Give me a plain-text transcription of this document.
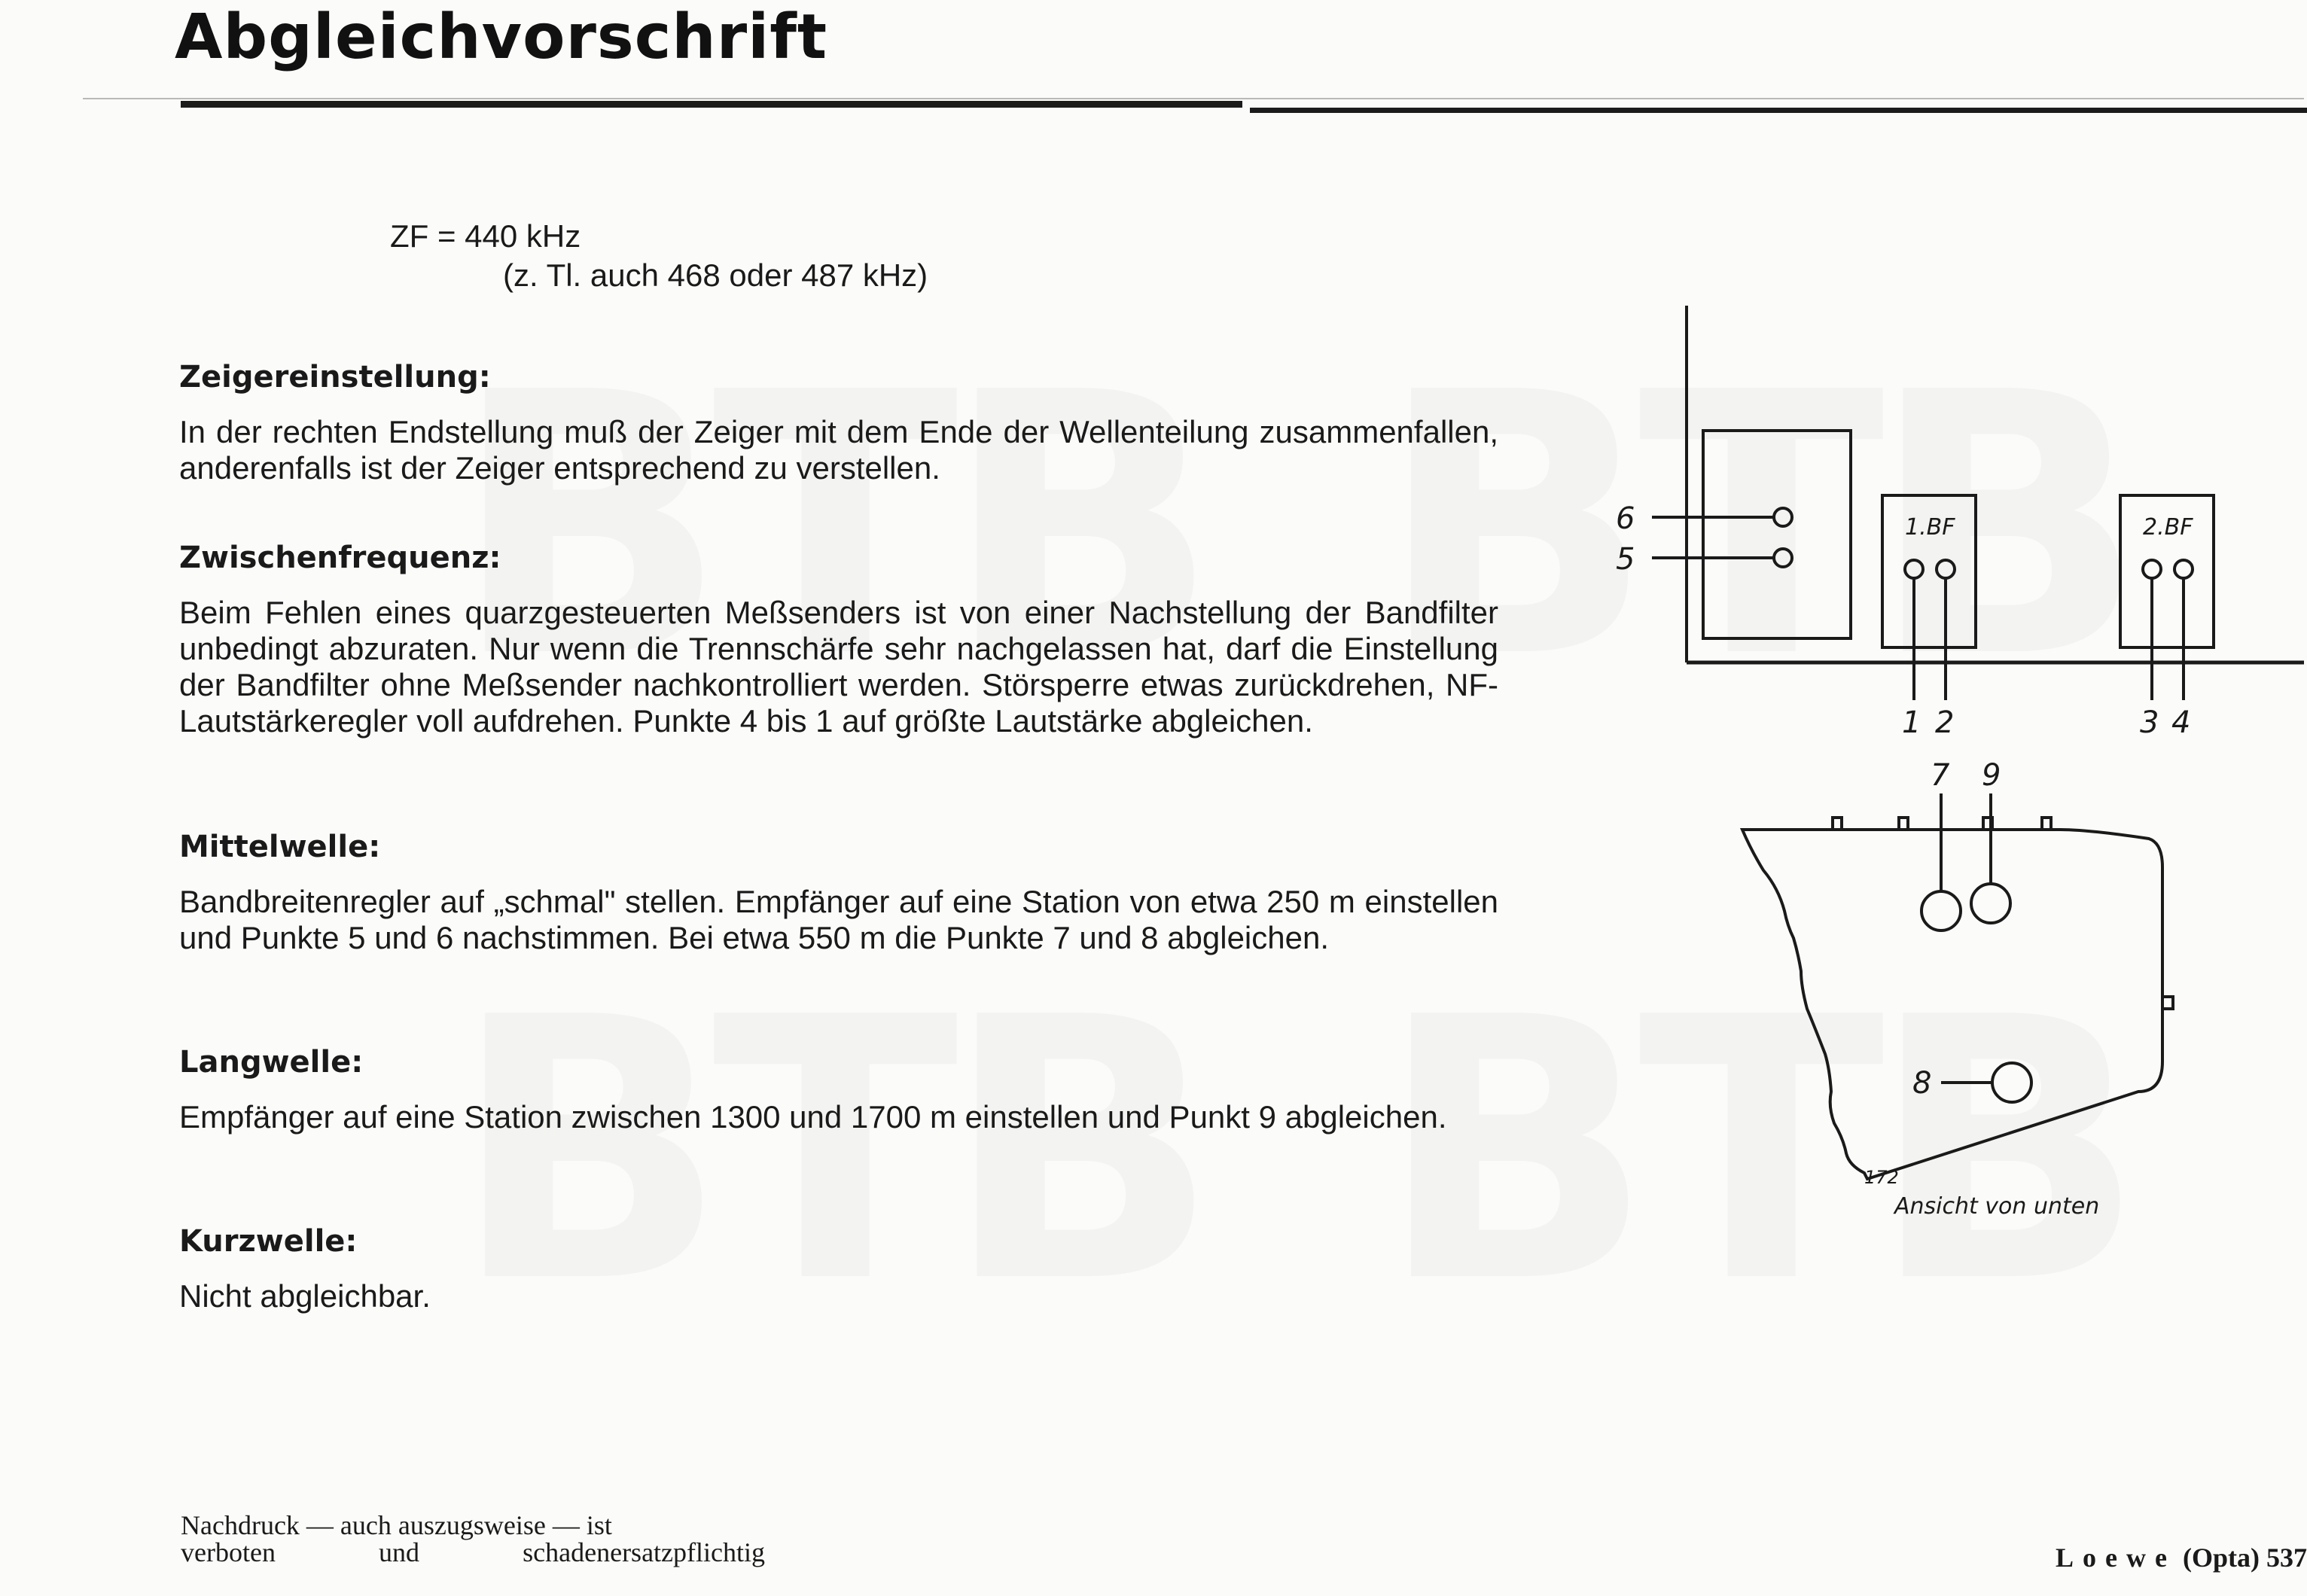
Abgleichvorschrift
ZF = 440 kHz
(z. Tl. auch 468 oder 487 kHz)
Zeigereinstellung:

In der rechten Endstellung muß der Zeiger mit dem Ende der Wellenteilung zusammenfallen, anderenfalls ist der Zeiger entsprechend zu verstellen.

Zwischenfrequenz:

Beim Fehlen eines quarzgesteuerten Meßsenders ist von einer Nachstellung der Bandfilter unbedingt abzuraten. Nur wenn die Trennschärfe sehr nachgelassen hat, darf die Einstellung der Bandfilter ohne Meßsender nachkontrolliert werden. Störsperre etwas zurückdrehen, NF-Lautstärkeregler voll aufdrehen. Punkte 4 bis 1 auf größte Lautstärke abgleichen.

Mittelwelle:

Bandbreitenregler auf „schmal" stellen. Empfänger auf eine Station von etwa 250 m einstellen und Punkte 5 und 6 nachstimmen. Bei etwa 550 m die Punkte 7 und 8 abgleichen.

Langwelle:

Empfänger auf eine Station zwischen 1300 und 1700 m einstellen und Punkt 9 abgleichen.

Kurzwelle:

Nicht abgleichbar.

6
5
1.BF	2.BF
1 2	3 4
7 9
8
172
Ansicht von unten
Nachdruck — auch auszugsweise — ist
verboten	und	schadenersatzpflichtig	Loewe (Opta) 537
